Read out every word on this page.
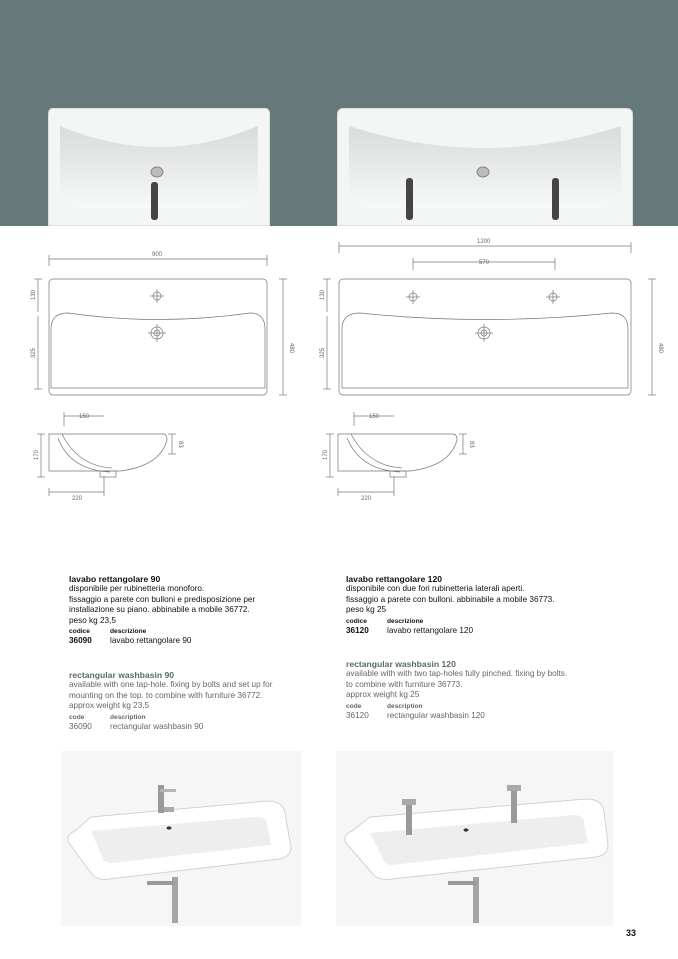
900
130
325	480
150
170
83
220
1200
570
130
325	480
150
170
83
220
lavabo rettangolare 90
disponibile per rubinetteria monoforo.
fissaggio a parete con bulloni e predisposizione per
installazione su piano. abbinabile a mobile 36772.
peso kg 23,5
codice	descrizione
36090	lavabo rettangolare 90
rectangular washbasin 90
available with one tap-hole. fixing by bolts and set up for
mounting on the top. to combine with furniture 36772.
approx weight kg 23,5
code	description
36090	rectangular washbasin 90
lavabo rettangolare 120
disponibile con due fori rubinetteria laterali aperti.
fissaggio a parete con bulloni. abbinabile a mobile 36773.
peso kg 25
codice	descrizione
36120	lavabo rettangolare 120
rectangular washbasin 120
available with with two tap-holes fully pinched. fixing by bolts.
to combine with furniture 36773.
approx weight kg 25
code	description
36120	rectangular washbasin 120
33
